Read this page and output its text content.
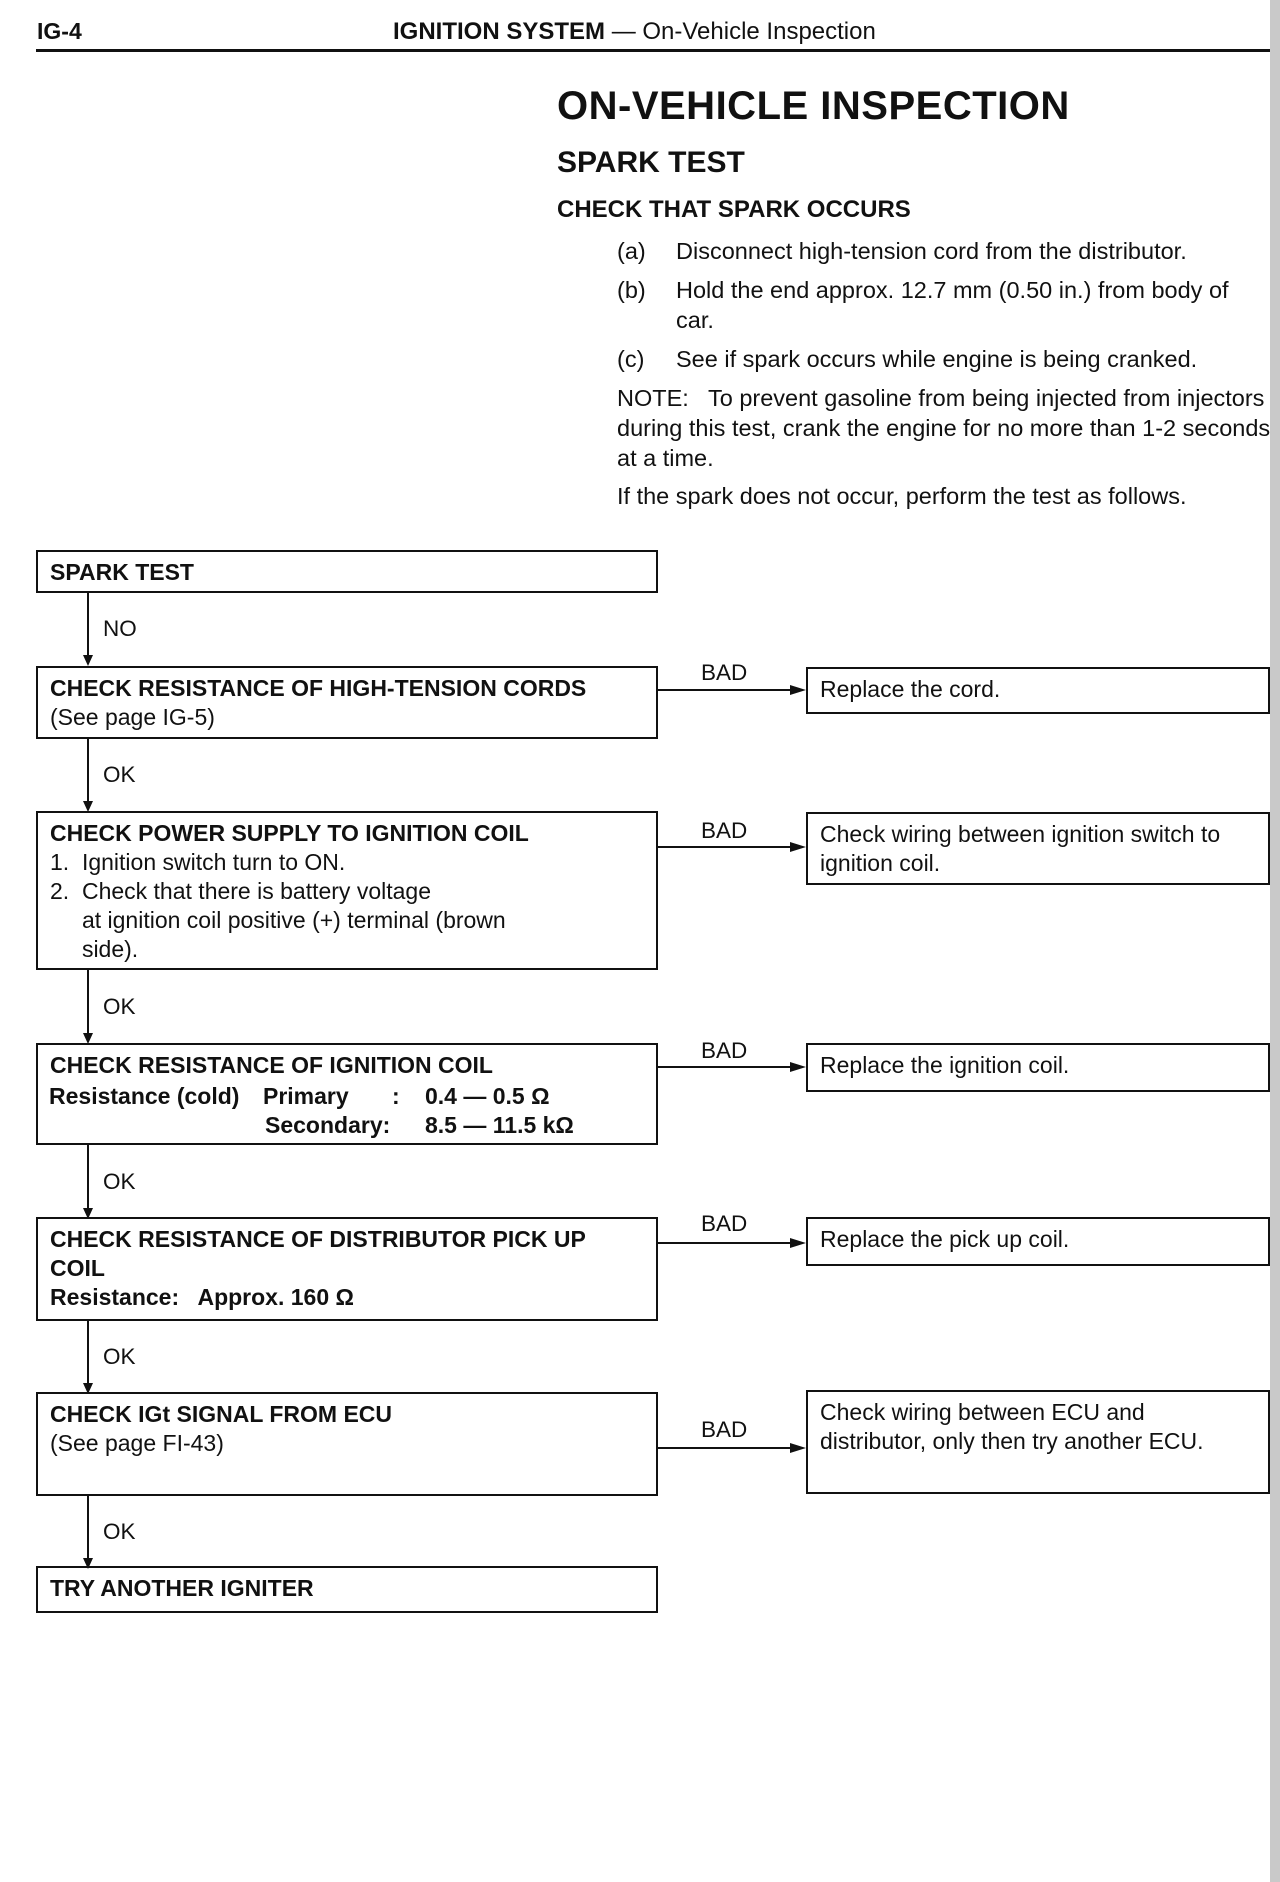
IG-4	IGNITION SYSTEM — On-Vehicle Inspection
ON-VEHICLE INSPECTION
SPARK TEST
CHECK THAT SPARK OCCURS
(a) Disconnect high-tension cord from the distributor.
(b) Hold the end approx. 12.7 mm (0.50 in.) from body of car.
(c) See if spark occurs while engine is being cranked.
NOTE: To prevent gasoline from being injected from injectors during this test, crank the engine for no more than 1-2 seconds at a time.
If the spark does not occur, perform the test as follows.
SPARK TEST
NO
CHECK RESISTANCE OF HIGH-TENSION CORDS
(See page IG-5)
BAD
Replace the cord.
OK
CHECK POWER SUPPLY TO IGNITION COIL
1.  Ignition switch turn to ON.
2.  Check that there is battery voltage
at ignition coil positive (+) terminal (brown
side).
BAD	Check wiring between ignition switch to ignition coil.
OK
CHECK RESISTANCE OF IGNITION COIL
Resistance (cold) Primary : 0.4 — 0.5 Ω
Secondary: 8.5 — 11.5 kΩ
BAD
Replace the ignition coil.
OK
CHECK RESISTANCE OF DISTRIBUTOR PICK UP COIL
Resistance: Approx. 160 Ω
BAD
Replace the pick up coil.
OK
CHECK IGt SIGNAL FROM ECU
(See page FI-43)
BAD
Check wiring between ECU and distributor, only then try another ECU.
OK
TRY ANOTHER IGNITER
